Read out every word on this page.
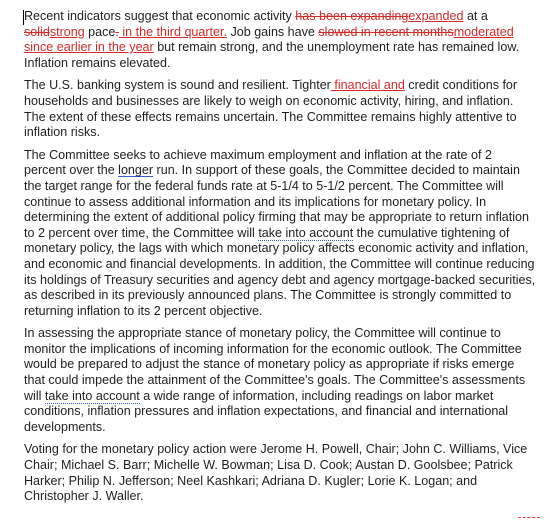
Recent indicators suggest that economic activity has been expandingexpanded at a solidstrong pace. in the third quarter. Job gains have slowed in recent monthsmoderated since earlier in the year but remain strong, and the unemployment rate has remained low. Inflation remains elevated.

The U.S. banking system is sound and resilient. Tighter financial and credit conditions for households and businesses are likely to weigh on economic activity, hiring, and inflation. The extent of these effects remains uncertain. The Committee remains highly attentive to inflation risks.

The Committee seeks to achieve maximum employment and inflation at the rate of 2 percent over the longer run. In support of these goals, the Committee decided to maintain the target range for the federal funds rate at 5-1/4 to 5-1/2 percent. The Committee will continue to assess additional information and its implications for monetary policy. In determining the extent of additional policy firming that may be appropriate to return inflation to 2 percent over time, the Committee will take into account the cumulative tightening of monetary policy, the lags with which monetary policy affects economic activity and inflation, and economic and financial developments. In addition, the Committee will continue reducing its holdings of Treasury securities and agency debt and agency mortgage-backed securities, as described in its previously announced plans. The Committee is strongly committed to returning inflation to its 2 percent objective.

In assessing the appropriate stance of monetary policy, the Committee will continue to monitor the implications of incoming information for the economic outlook. The Committee would be prepared to adjust the stance of monetary policy as appropriate if risks emerge that could impede the attainment of the Committee's goals. The Committee's assessments will take into account a wide range of information, including readings on labor market conditions, inflation pressures and inflation expectations, and financial and international developments.

Voting for the monetary policy action were Jerome H. Powell, Chair; John C. Williams, Vice Chair; Michael S. Barr; Michelle W. Bowman; Lisa D. Cook; Austan D. Goolsbee; Patrick Harker; Philip N. Jefferson; Neel Kashkari; Adriana D. Kugler; Lorie K. Logan; and Christopher J. Waller.
